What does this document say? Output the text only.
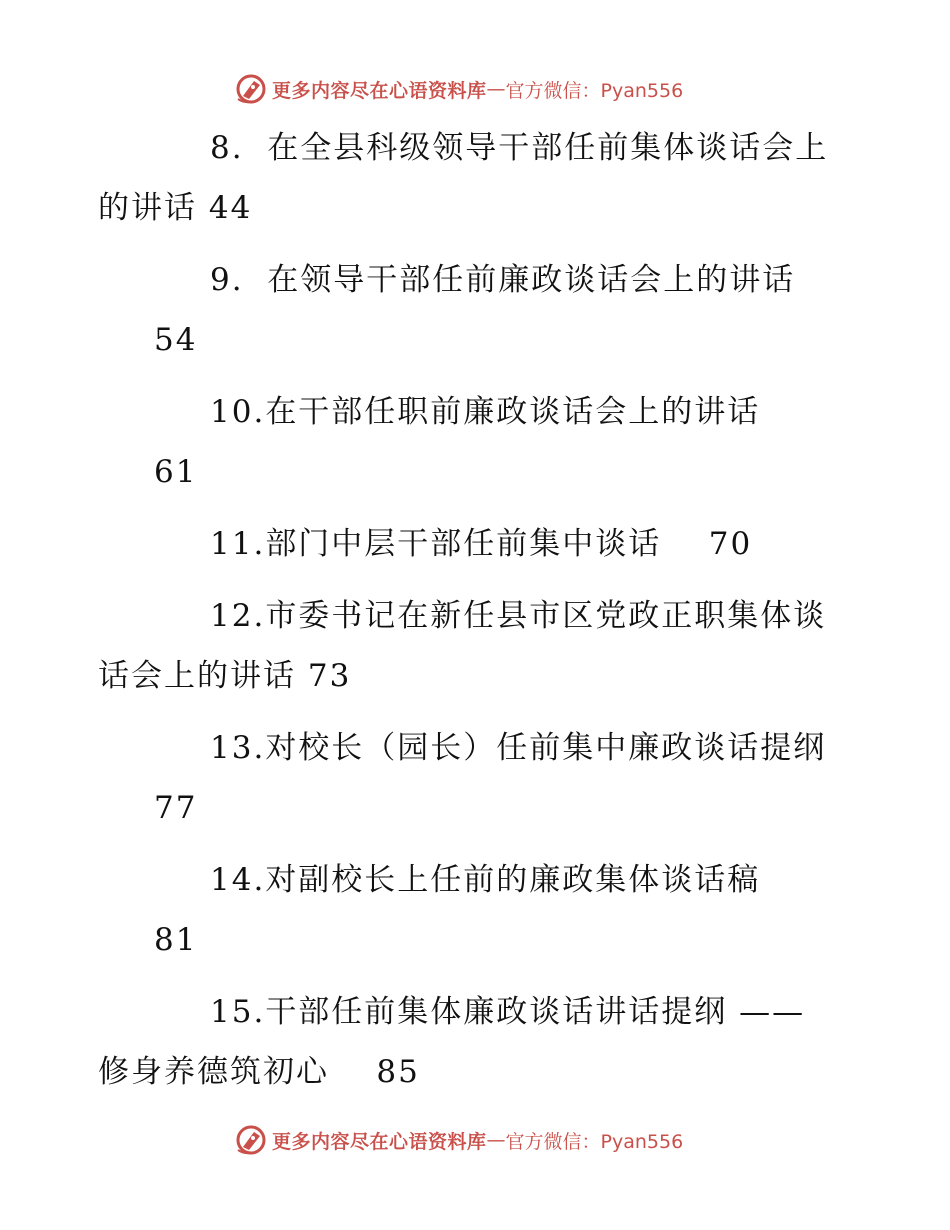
更多内容尽在心语资料库 — 官方微信：Pyan556
8. 在全县科级领导干部任前集体谈话会上
的讲话 44
9. 在领导干部任前廉政谈话会上的讲话
54
10.在干部任职前廉政谈话会上的讲话
61
11.部门中层干部任前集中谈话    70
12.市委书记在新任县市区党政正职集体谈
话会上的讲话 73
13.对校长（园长）任前集中廉政谈话提纲
77
14.对副校长上任前的廉政集体谈话稿
81
15.干部任前集体廉政谈话讲话提纲 ——
修身养德筑初心    85
更多内容尽在心语资料库 — 官方微信：Pyan556
